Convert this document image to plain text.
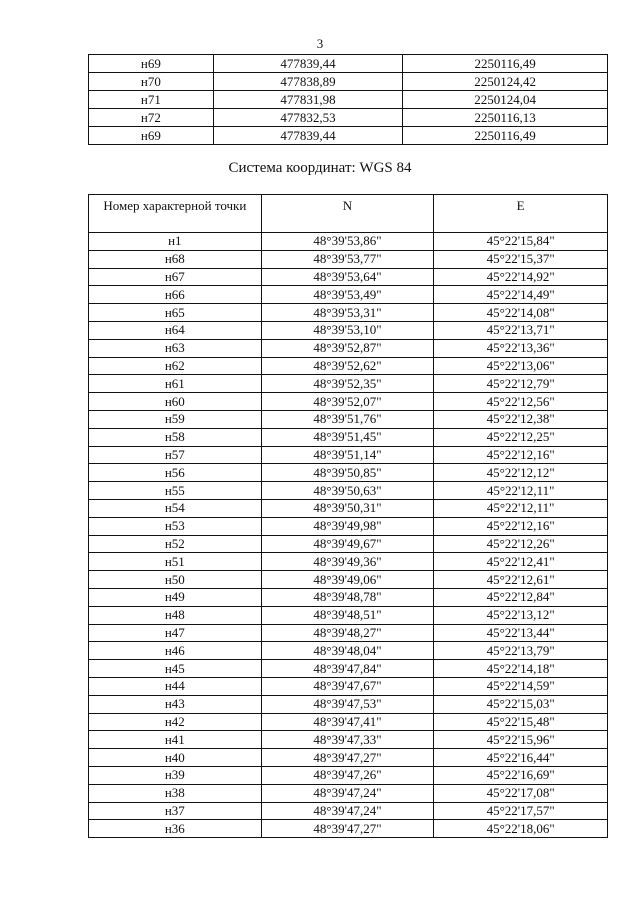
3
н69	477839,44	2250116,49
н70	477838,89	2250124,42
н71	477831,98	2250124,04
н72	477832,53	2250116,13
н69	477839,44	2250116,49
Система координат: WGS 84
Номер характерной точки	N	E
н1	48°39'53,86"	45°22'15,84"
н68	48°39'53,77"	45°22'15,37"
н67	48°39'53,64"	45°22'14,92"
н66	48°39'53,49"	45°22'14,49"
н65	48°39'53,31"	45°22'14,08"
н64	48°39'53,10"	45°22'13,71"
н63	48°39'52,87"	45°22'13,36"
н62	48°39'52,62"	45°22'13,06"
н61	48°39'52,35"	45°22'12,79"
н60	48°39'52,07"	45°22'12,56"
н59	48°39'51,76"	45°22'12,38"
н58	48°39'51,45"	45°22'12,25"
н57	48°39'51,14"	45°22'12,16"
н56	48°39'50,85"	45°22'12,12"
н55	48°39'50,63"	45°22'12,11"
н54	48°39'50,31"	45°22'12,11"
н53	48°39'49,98"	45°22'12,16"
н52	48°39'49,67"	45°22'12,26"
н51	48°39'49,36"	45°22'12,41"
н50	48°39'49,06"	45°22'12,61"
н49	48°39'48,78"	45°22'12,84"
н48	48°39'48,51"	45°22'13,12"
н47	48°39'48,27"	45°22'13,44"
н46	48°39'48,04"	45°22'13,79"
н45	48°39'47,84"	45°22'14,18"
н44	48°39'47,67"	45°22'14,59"
н43	48°39'47,53"	45°22'15,03"
н42	48°39'47,41"	45°22'15,48"
н41	48°39'47,33"	45°22'15,96"
н40	48°39'47,27"	45°22'16,44"
н39	48°39'47,26"	45°22'16,69"
н38	48°39'47,24"	45°22'17,08"
н37	48°39'47,24"	45°22'17,57"
н36	48°39'47,27"	45°22'18,06"
